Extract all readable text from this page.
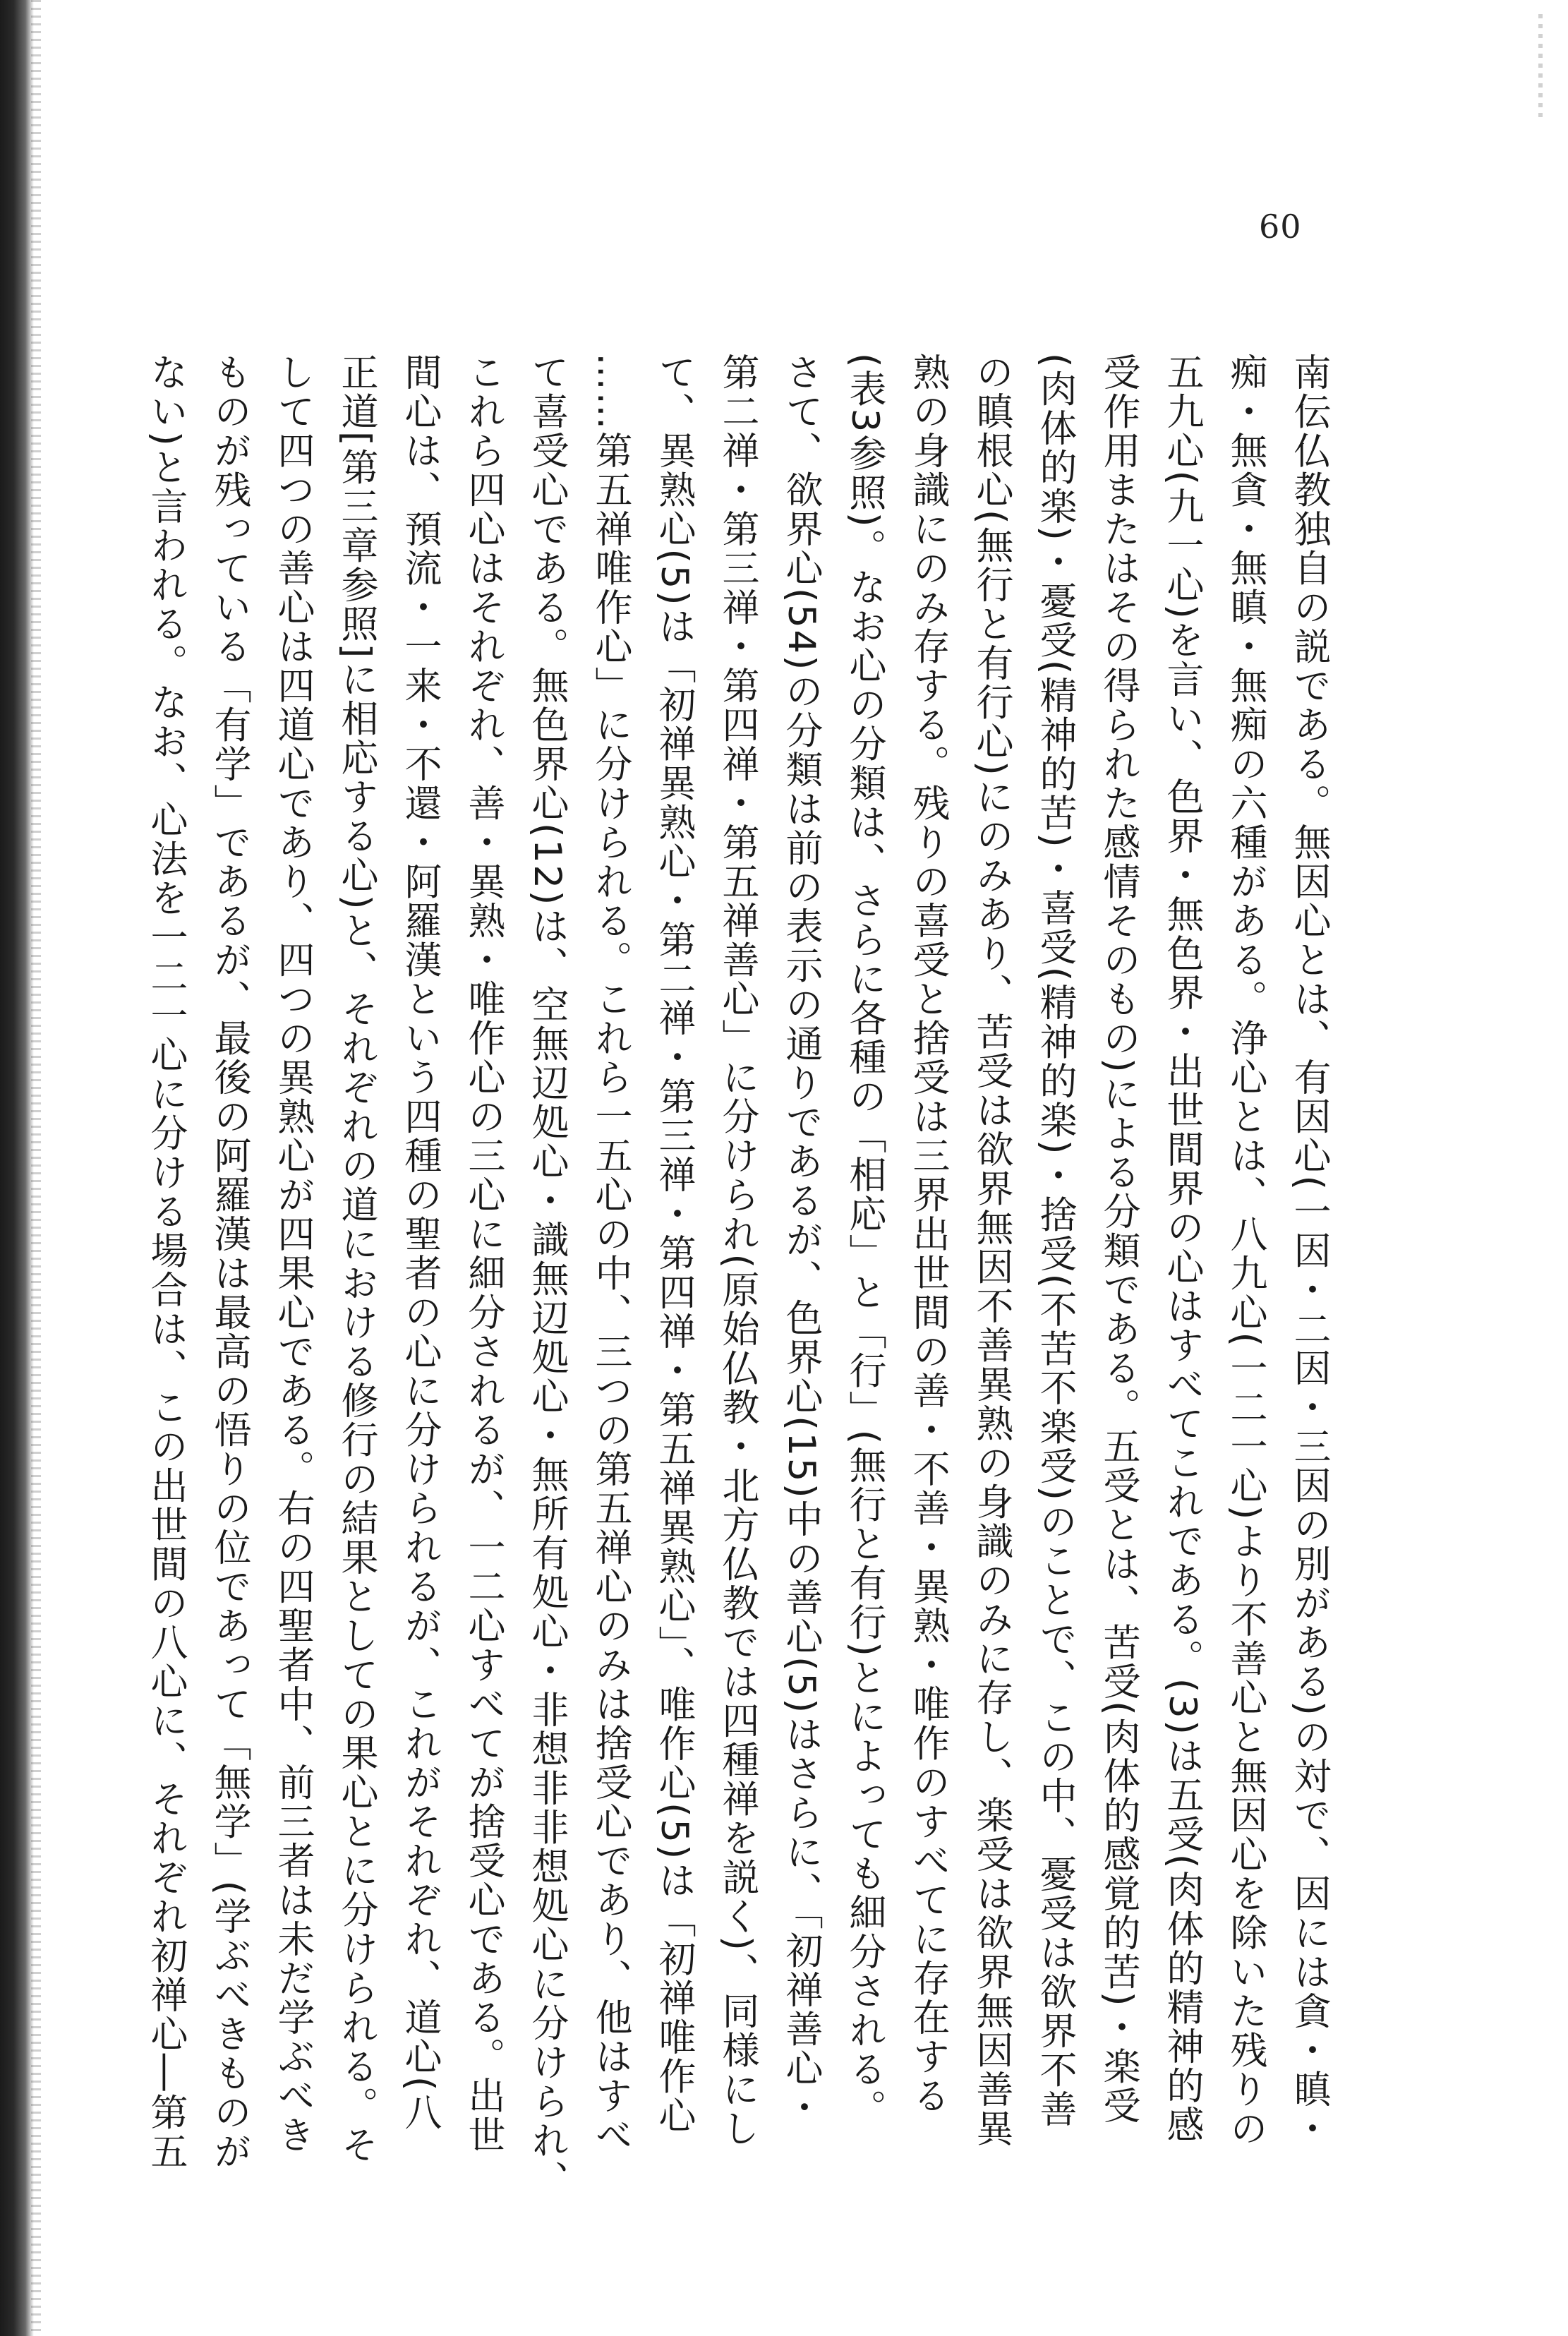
60
南伝仏教独自の説である。無因心とは、有因心(一因・二因・三因の別がある)の対で、因には貪・瞋・
痴・無貪・無瞋・無痴の六種がある。浄心とは、八九心(一二一心)より不善心と無因心を除いた残りの
五九心(九一心)を言い、色界・無色界・出世間界の心はすべてこれである。(3)は五受(肉体的精神的感
受作用またはその得られた感情そのもの)による分類である。五受とは、苦受(肉体的感覚的苦)・楽受
(肉体的楽)・憂受(精神的苦)・喜受(精神的楽)・捨受(不苦不楽受)のことで、この中、憂受は欲界不善
の瞋根心(無行と有行心)にのみあり、苦受は欲界無因不善異熟の身識のみに存し、楽受は欲界無因善異
熟の身識にのみ存する。残りの喜受と捨受は三界出世間の善・不善・異熟・唯作のすべてに存在する
(表3参照)。なお心の分類は、さらに各種の「相応」と「行」(無行と有行)とによっても細分される。
さて、欲界心(54)の分類は前の表示の通りであるが、色界心(15)中の善心(5)はさらに、「初禅善心・
第二禅・第三禅・第四禅・第五禅善心」に分けられ(原始仏教・北方仏教では四種禅を説く)、同様にし
て、異熟心(5)は「初禅異熟心・第二禅・第三禅・第四禅・第五禅異熟心」、唯作心(5)は「初禅唯作心
……第五禅唯作心」に分けられる。これら一五心の中、三つの第五禅心のみは捨受心であり、他はすべ
て喜受心である。無色界心(12)は、空無辺処心・識無辺処心・無所有処心・非想非非想処心に分けられ、
これら四心はそれぞれ、善・異熟・唯作心の三心に細分されるが、一二心すべてが捨受心である。出世
間心は、預流・一来・不還・阿羅漢という四種の聖者の心に分けられるが、これがそれぞれ、道心(八
正道[第三章参照]に相応する心)と、それぞれの道における修行の結果としての果心とに分けられる。そ
して四つの善心は四道心であり、四つの異熟心が四果心である。右の四聖者中、前三者は未だ学ぶべき
ものが残っている「有学」であるが、最後の阿羅漢は最高の悟りの位であって「無学」(学ぶべきものが
ない)と言われる。なお、心法を一二一心に分ける場合は、この出世間の八心に、それぞれ初禅心―第五
